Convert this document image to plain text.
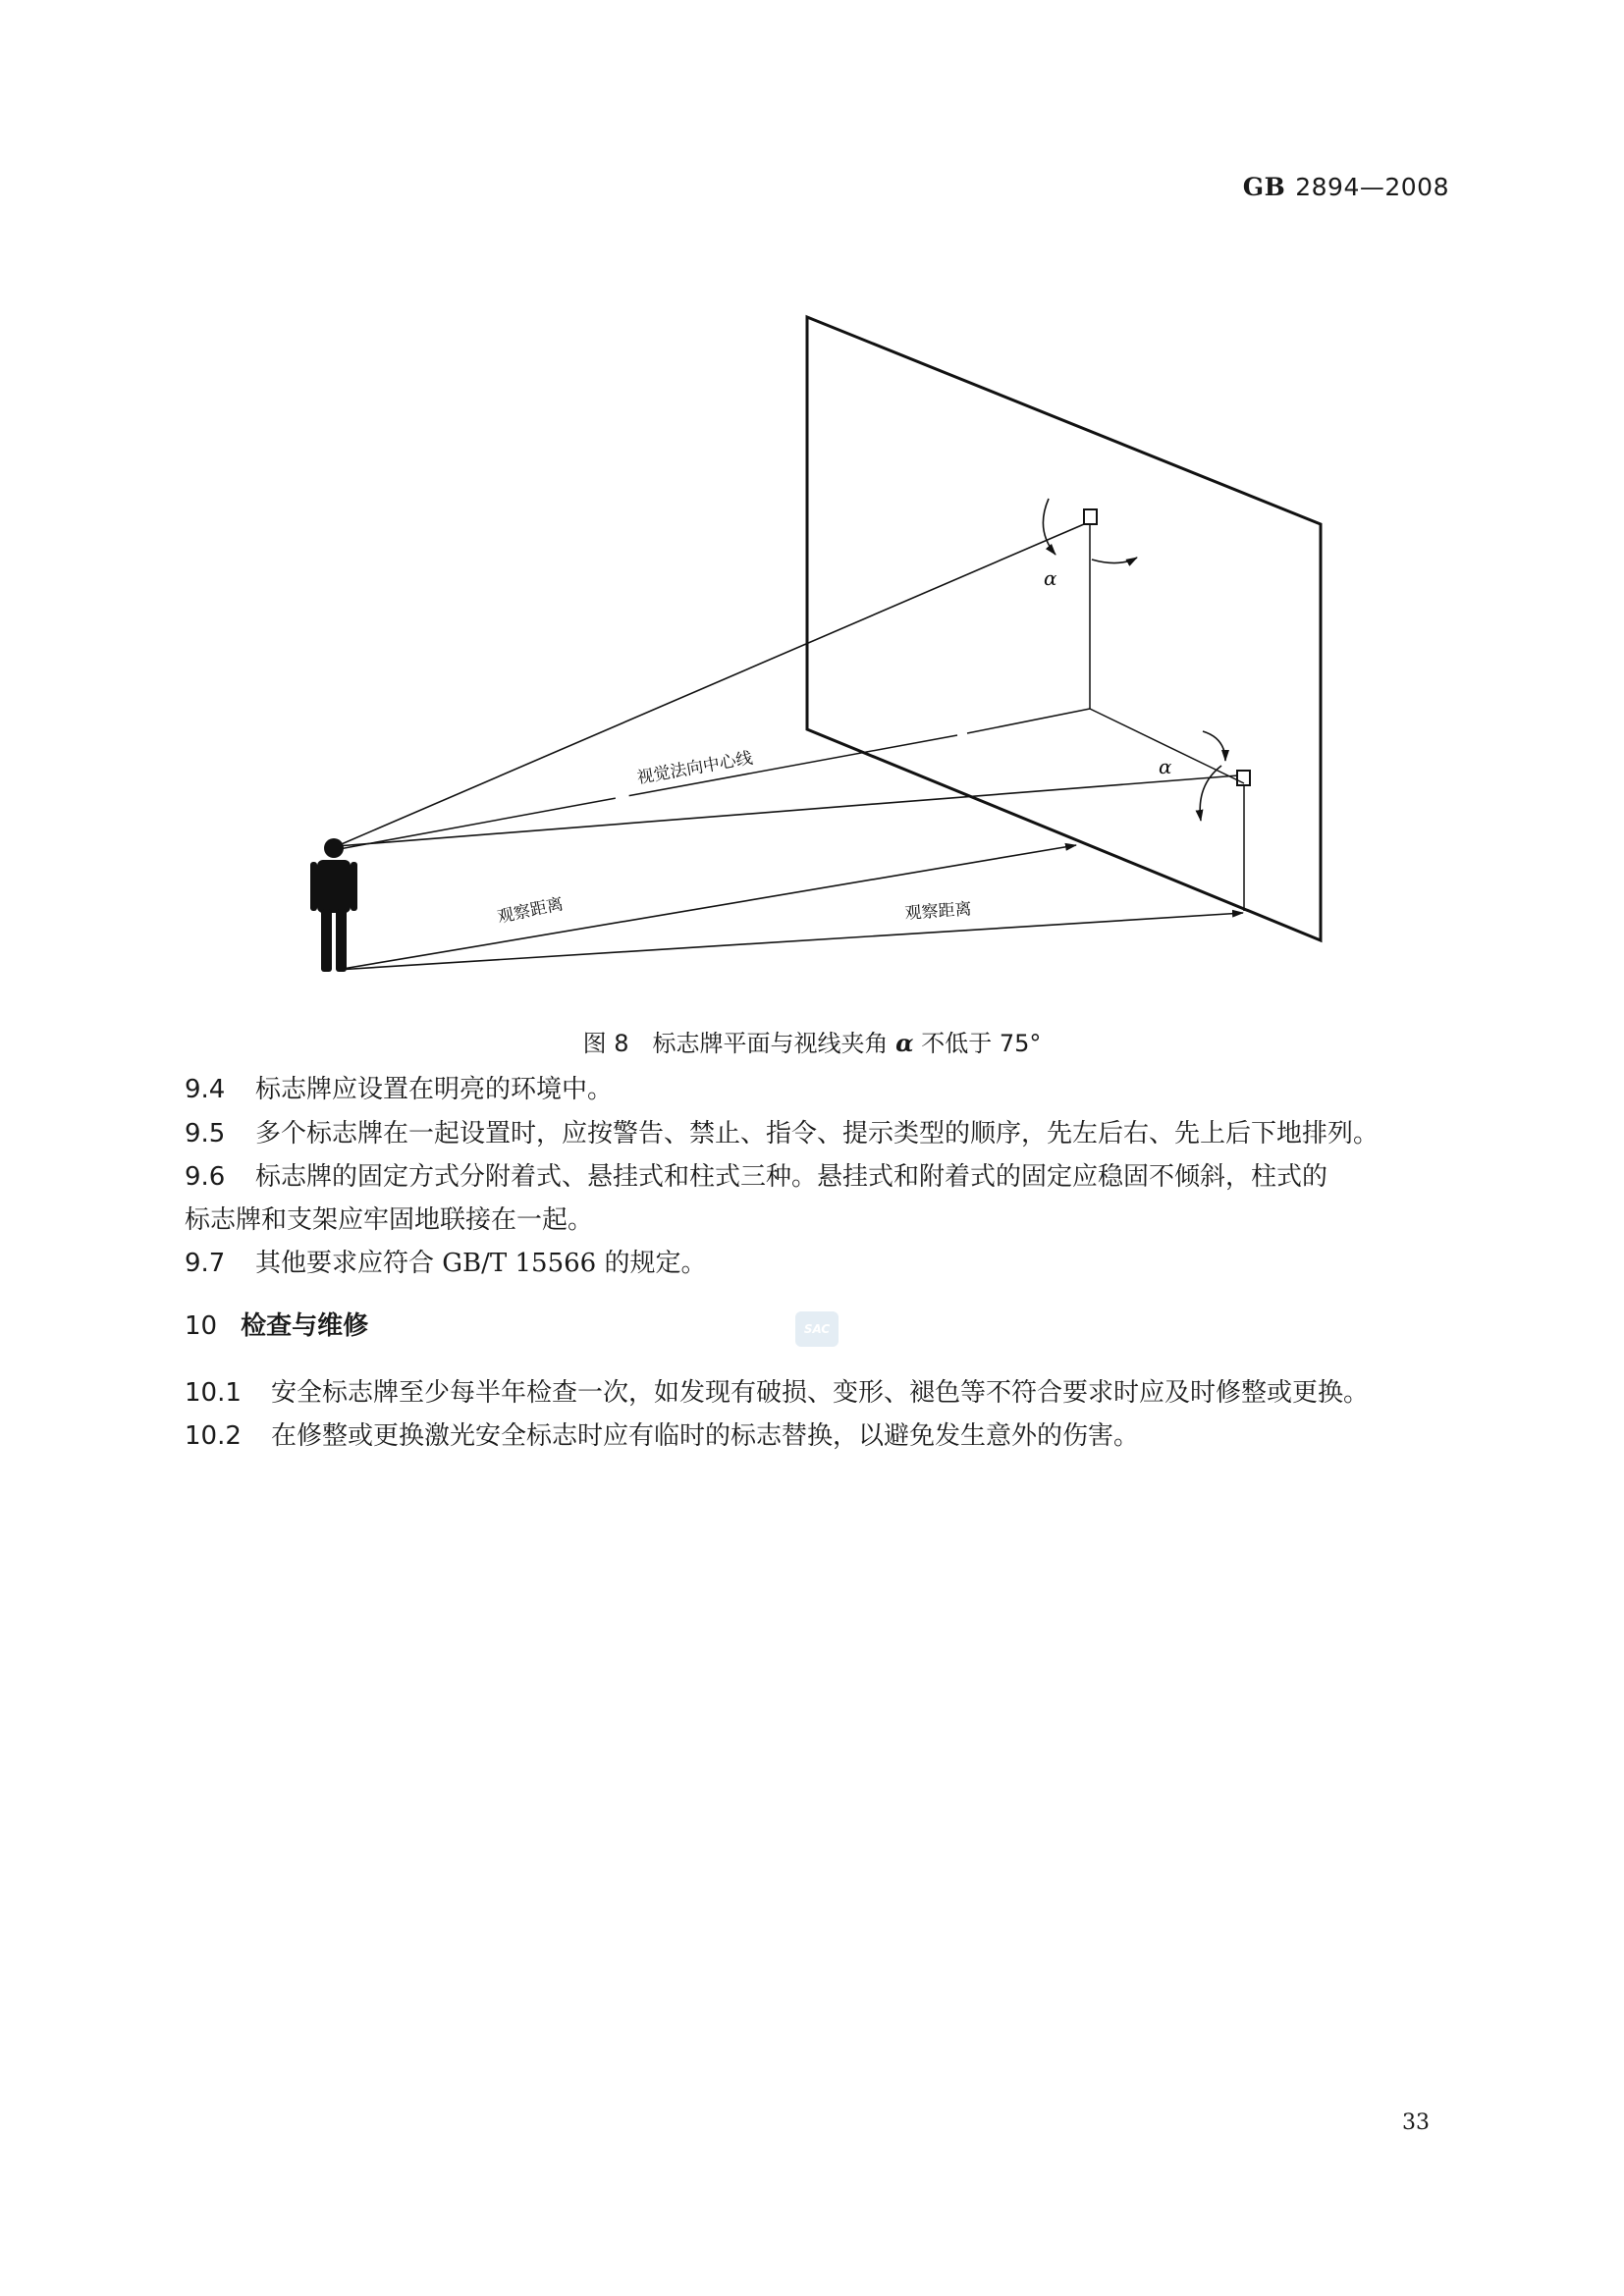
GB 2894—2008
α
α
视觉法向中心线
观察距离	观察距离
图 8　标志牌平面与视线夹角 α 不低于 75°
9.4 标志牌应设置在明亮的环境中。
9.5 多个标志牌在一起设置时，应按警告、禁止、指令、提示类型的顺序，先左后右、先上后下地排列。
9.6 标志牌的固定方式分附着式、悬挂式和柱式三种。悬挂式和附着式的固定应稳固不倾斜，柱式的
标志牌和支架应牢固地联接在一起。
9.7 其他要求应符合 GB/T 15566 的规定。
10 检查与维修	SAC
10.1 安全标志牌至少每半年检查一次，如发现有破损、变形、褪色等不符合要求时应及时修整或更换。
10.2 在修整或更换激光安全标志时应有临时的标志替换，以避免发生意外的伤害。
33
